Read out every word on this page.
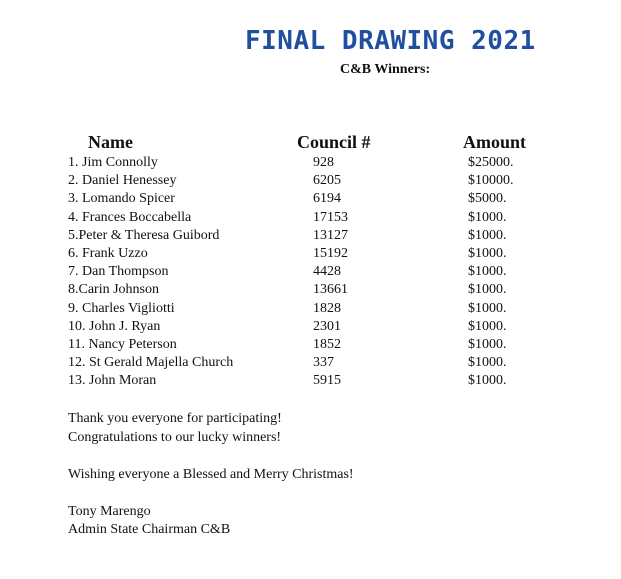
FINAL DRAWING 2021
C&B Winners:
Name	Council #	Amount
1. Jim Connolly	928	$25000.
2. Daniel Henessey	6205	$10000.
3. Lomando Spicer	6194	$5000.
4. Frances Boccabella	17153	$1000.
5.Peter & Theresa Guibord	13127	$1000.
6. Frank Uzzo	15192	$1000.
7. Dan Thompson	4428	$1000.
8.Carin Johnson	13661	$1000.
9. Charles Vigliotti	1828	$1000.
10. John J. Ryan	2301	$1000.
11. Nancy Peterson	1852	$1000.
12. St Gerald Majella Church	337	$1000.
13. John Moran	5915	$1000.

Thank you everyone for participating!

Congratulations to our lucky winners!

Wishing everyone a Blessed and Merry Christmas!

Tony Marengo

Admin State Chairman C&B
